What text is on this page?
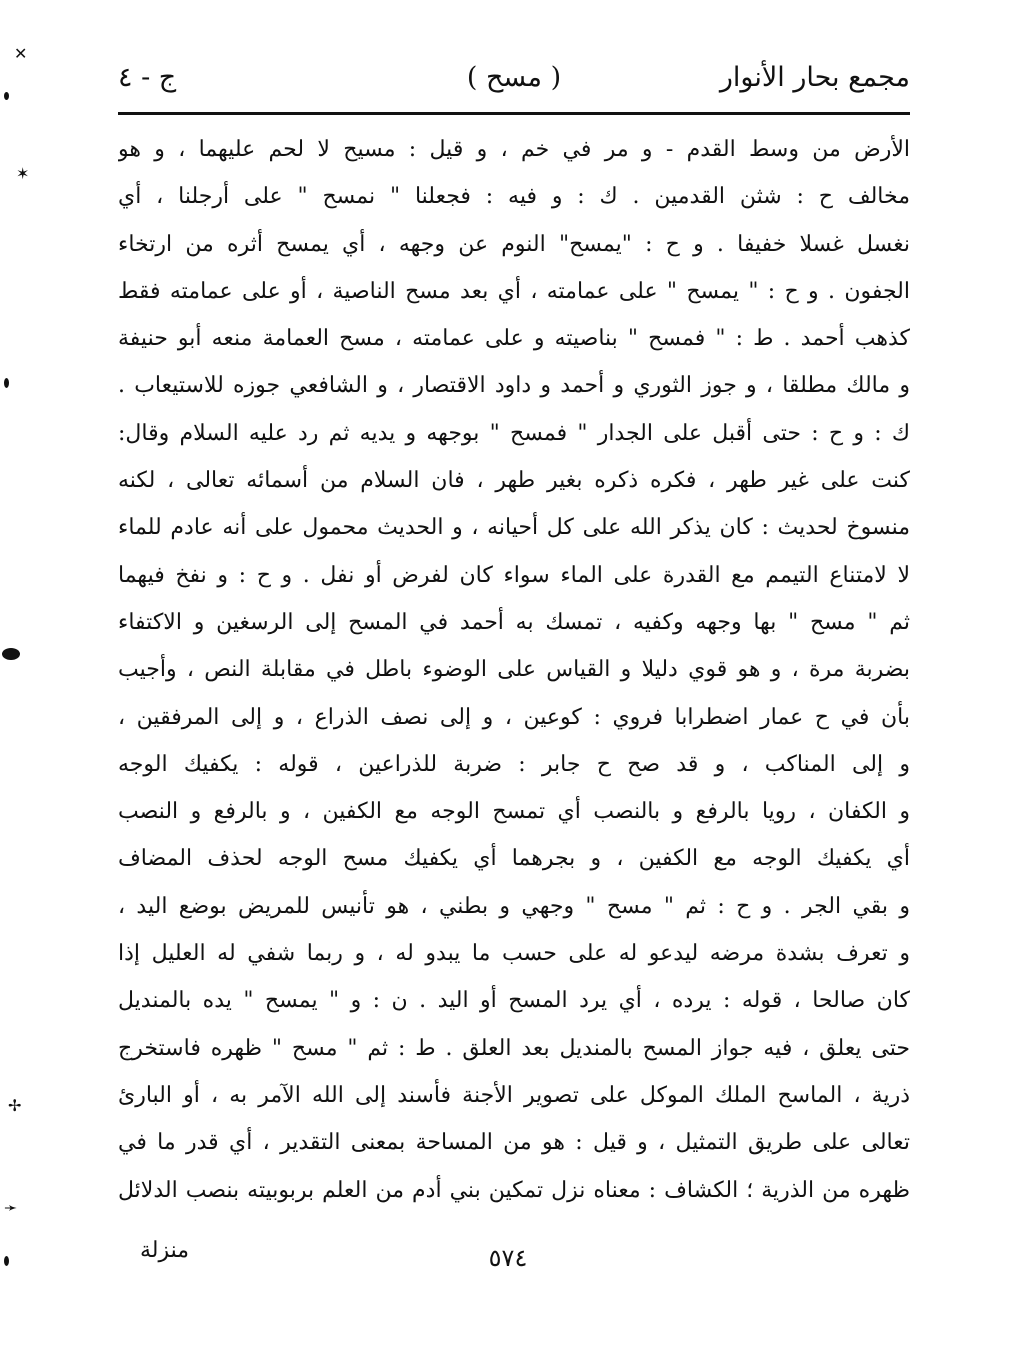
مجمع بحار الأنوار
( مسح )
ج - ٤
الأرض من وسط القدم - و مر في خم ، و قيل : مسيح لا لحم عليهما ، و هو
مخالف ح : شثن القدمين . ك : و فيه : فجعلنا " نمسح " على أرجلنا ، أي
نغسل غسلا خفيفا . و ح : "يمسح" النوم عن وجهه ، أي يمسح أثره من ارتخاء
الجفون . و ح : " يمسح " على عمامته ، أي بعد مسح الناصية ، أو على عمامته فقط
كذهب أحمد . ط : " فمسح " بناصيته و على عمامته ، مسح العمامة منعه أبو حنيفة
و مالك مطلقا ، و جوز الثوري و أحمد و داود الاقتصار ، و الشافعي جوزه للاستيعاب .
ك : و ح : حتى أقبل على الجدار " فمسح " بوجهه و يديه ثم رد عليه السلام وقال:
كنت على غير طهر ، فكره ذكره بغير طهر ، فان السلام من أسمائه تعالى ، لكنه
منسوخ لحديث : كان يذكر الله على كل أحيانه ، و الحديث محمول على أنه عادم للماء
لا لامتناع التيمم مع القدرة على الماء سواء كان لفرض أو نفل . و ح : و نفخ فيهما
ثم " مسح " بها وجهه وكفيه ، تمسك به أحمد في المسح إلى الرسغين و الاكتفاء
بضربة مرة ، و هو قوي دليلا و القياس على الوضوء باطل في مقابلة النص ، وأجيب
بأن في ح عمار اضطرابا فروي : كوعين ، و إلى نصف الذراع ، و إلى المرفقين ،
و إلى المناكب ، و قد صح ح جابر : ضربة للذراعين ، قوله : يكفيك الوجه
و الكفان ، رويا بالرفع و بالنصب أي تمسح الوجه مع الكفين ، و بالرفع و النصب
أي يكفيك الوجه مع الكفين ، و بجرهما أي يكفيك مسح الوجه لحذف المضاف
و بقي الجر . و ح : ثم " مسح " وجهي و بطني ، هو تأنيس للمريض بوضع اليد ،
و تعرف بشدة مرضه ليدعو له على حسب ما يبدو له ، و ربما شفي له العليل إذا
كان صالحا ، قوله : يرده ، أي يرد المسح أو اليد . ن : و " يمسح " يده بالمنديل
حتى يعلق ، فيه جواز المسح بالمنديل بعد العلق . ط : ثم " مسح " ظهره فاستخرج
ذرية ، الماسح الملك الموكل على تصوير الأجنة فأسند إلى الله الآمر به ، أو البارئ
تعالى على طريق التمثيل ، و قيل : هو من المساحة بمعنى التقدير ، أي قدر ما في
ظهره من الذرية ؛ الكشاف : معناه نزل تمكين بني أدم من العلم بربوبيته بنصب الدلائل
منزلة	٥٧٤
✕
✶
✢
➛
